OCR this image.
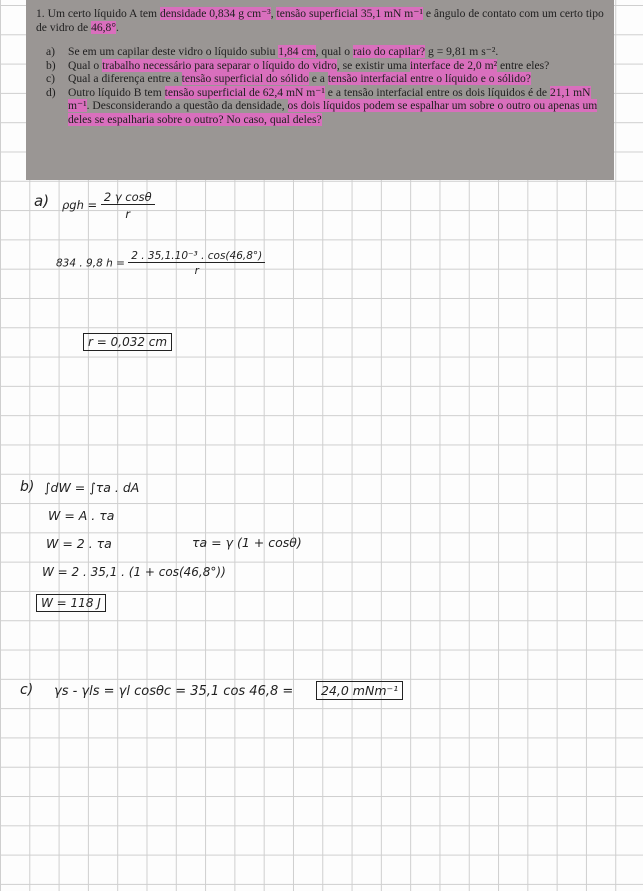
1. Um certo líquido A tem densidade 0,834 g cm⁻³, tensão superficial 35,1 mN m⁻¹ e ângulo de contato com um certo tipo de vidro de 46,8°.

a)	Se em um capilar deste vidro o líquido subiu 1,84 cm, qual o raio do capilar? g = 9,81 m s⁻².
b)	Qual o trabalho necessário para separar o líquido do vidro, se existir uma interface de 2,0 m² entre eles?
c)	Qual a diferença entre a tensão superficial do sólido e a tensão interfacial entre o líquido e o sólido?
d)	Outro líquido B tem tensão superficial de 62,4 mN m⁻¹ e a tensão interfacial entre os dois líquidos é de 21,1 mN m⁻¹. Desconsiderando a questão da densidade, os dois líquidos podem se espalhar um sobre o outro ou apenas um deles se espalharia sobre o outro? No caso, qual deles?
a) $\rho gh = \frac{\text{2 γ cosθ}}{r}$
834 . 9,8 $h = \frac{\text{2 . 35,1.10⁻³ . cos(46,8°)}}{r}$
r = 0,032 cm
b) ∫dW = ∫τa . dA
W = A . τa
W = 2 . τa	τa = γ (1 + cosθ)
W = 2 . 35,1 . (1 + cos(46,8°))
W = 118 J
c) γs - γls = γl cosθc = 35,1 cos 46,8 =	24,0 mNm⁻¹
